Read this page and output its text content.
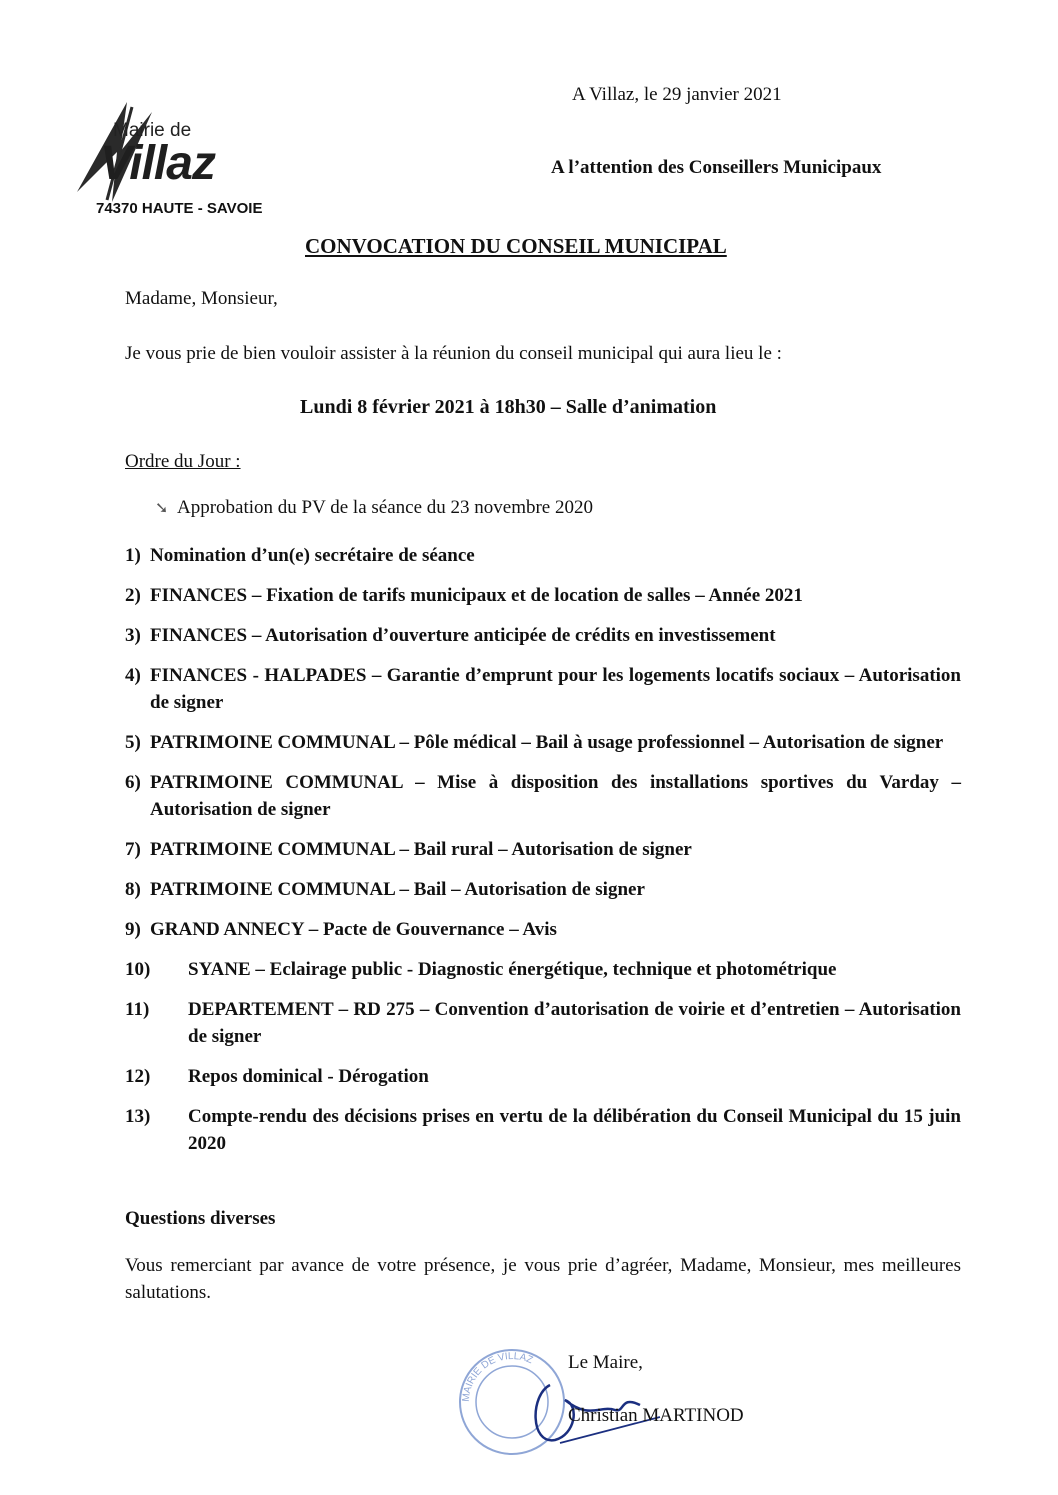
Mairie de
Villaz
74370 HAUTE - SAVOIE
A Villaz, le 29 janvier 2021
A l’attention des Conseillers Municipaux
CONVOCATION DU CONSEIL MUNICIPAL
Madame, Monsieur,
Je vous prie de bien vouloir assister à la réunion du conseil municipal qui aura lieu le :
Lundi 8 février 2021 à 18h30 – Salle d’animation
Ordre du Jour :
➘ Approbation du PV de la séance du 23 novembre 2020
1) Nomination d’un(e) secrétaire de séance
2) FINANCES – Fixation de tarifs municipaux et de location de salles – Année 2021
3) FINANCES – Autorisation d’ouverture anticipée de crédits en investissement
4) FINANCES - HALPADES – Garantie d’emprunt pour les logements locatifs sociaux – Autorisation de signer
5) PATRIMOINE COMMUNAL – Pôle médical – Bail à usage professionnel – Autorisation de signer
6) PATRIMOINE COMMUNAL – Mise à disposition des installations sportives du Varday – Autorisation de signer
7) PATRIMOINE COMMUNAL – Bail rural – Autorisation de signer
8) PATRIMOINE COMMUNAL – Bail – Autorisation de signer
9) GRAND ANNECY – Pacte de Gouvernance – Avis
10)	SYANE – Eclairage public - Diagnostic énergétique, technique et photométrique
11)	DEPARTEMENT – RD 275 – Convention d’autorisation de voirie et d’entretien – Autorisation de signer
12)	Repos dominical - Dérogation
13)	Compte-rendu des décisions prises en vertu de la délibération du Conseil Municipal du 15 juin 2020
Questions diverses
Vous remerciant par avance de votre présence, je vous prie d’agréer, Madame, Monsieur, mes meilleures salutations.
MAIRIE DE VILLAZ Le Maire,
Christian MARTINOD
